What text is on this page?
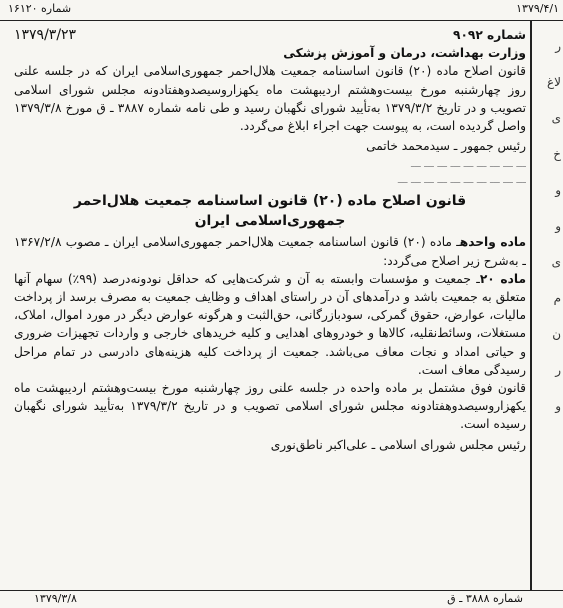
شماره ۱۶۱۲۰	۱۳۷۹/۴/۱
ر
لاغ
ی
خ
و
و
ی
م
ن
ر
و
شماره ۹۰۹۲
۱۳۷۹/۳/۲۳
وزارت بهداشت، درمان و آموزش پزشکی

قانون اصلاح ماده (۲۰) قانون اساسنامه جمعیت هلال‌احمر جمهوری‌اسلامی ایران که در جلسه علنی روز چهارشنبه مورخ بیست‌وهشتم اردیبهشت ماه یکهزاروسیصدوهفتادونه مجلس شورای اسلامی تصویب و در تاریخ ۱۳۷۹/۳/۲ به‌تأیید شورای نگهبان رسید و طی نامه شماره ۳۸۸۷ ـ ق مورخ ۱۳۷۹/۳/۸ واصل گردیده است، به پیوست جهت اجراء ابلاغ می‌گردد.

رئیس جمهور ـ سیدمحمد خاتمی
ـــ ـــ ـــ ـــ ـــ ـــ ـــ ـــ ـــ
ـــ ـــ ـــ ـــ ـــ ـــ ـــ ـــ ـــ ـــ
قانون اصلاح ماده (۲۰) قانون اساسنامه جمعیت هلال‌احمر
جمهوری‌اسلامی ایران

ماده واحدهـ ماده (۲۰) قانون اساسنامه جمعیت هلال‌احمر جمهوری‌اسلامی ایران ـ مصوب ۱۳۶۷/۲/۸ ـ به‌شرح زیر اصلاح می‌گردد:

ماده ۲۰ـ جمعیت و مؤسسات وابسته به آن و شرکت‌هایی که حداقل نودونه‌درصد (۹۹٪) سهام آنها متعلق به جمعیت باشد و درآمدهای آن در راستای اهداف و وظایف جمعیت به مصرف برسد از پرداخت مالیات، عوارض، حقوق گمرکی، سودبازرگانی، حق‌الثبت و هرگونه عوارض دیگر در مورد اموال، املاک، مستغلات، وسائط‌نقلیه، کالاها و خودروهای اهدایی و کلیه خریدهای خارجی و واردات تجهیزات ضروری و حیاتی امداد و نجات معاف می‌باشد. جمعیت از پرداخت کلیه هزینه‌های دادرسی در تمام مراحل رسیدگی معاف است.

قانون فوق مشتمل بر ماده واحده در جلسه علنی روز چهارشنبه مورخ بیست‌وهشتم اردیبهشت ماه یکهزاروسیصدوهفتادونه مجلس شورای اسلامی تصویب و در تاریخ ۱۳۷۹/۳/۲ به‌تأیید شورای نگهبان رسیده است.

رئیس مجلس شورای اسلامی ـ علی‌اکبر ناطق‌نوری
۱۳۷۹/۳/۸	شماره ۳۸۸۸ ـ ق
